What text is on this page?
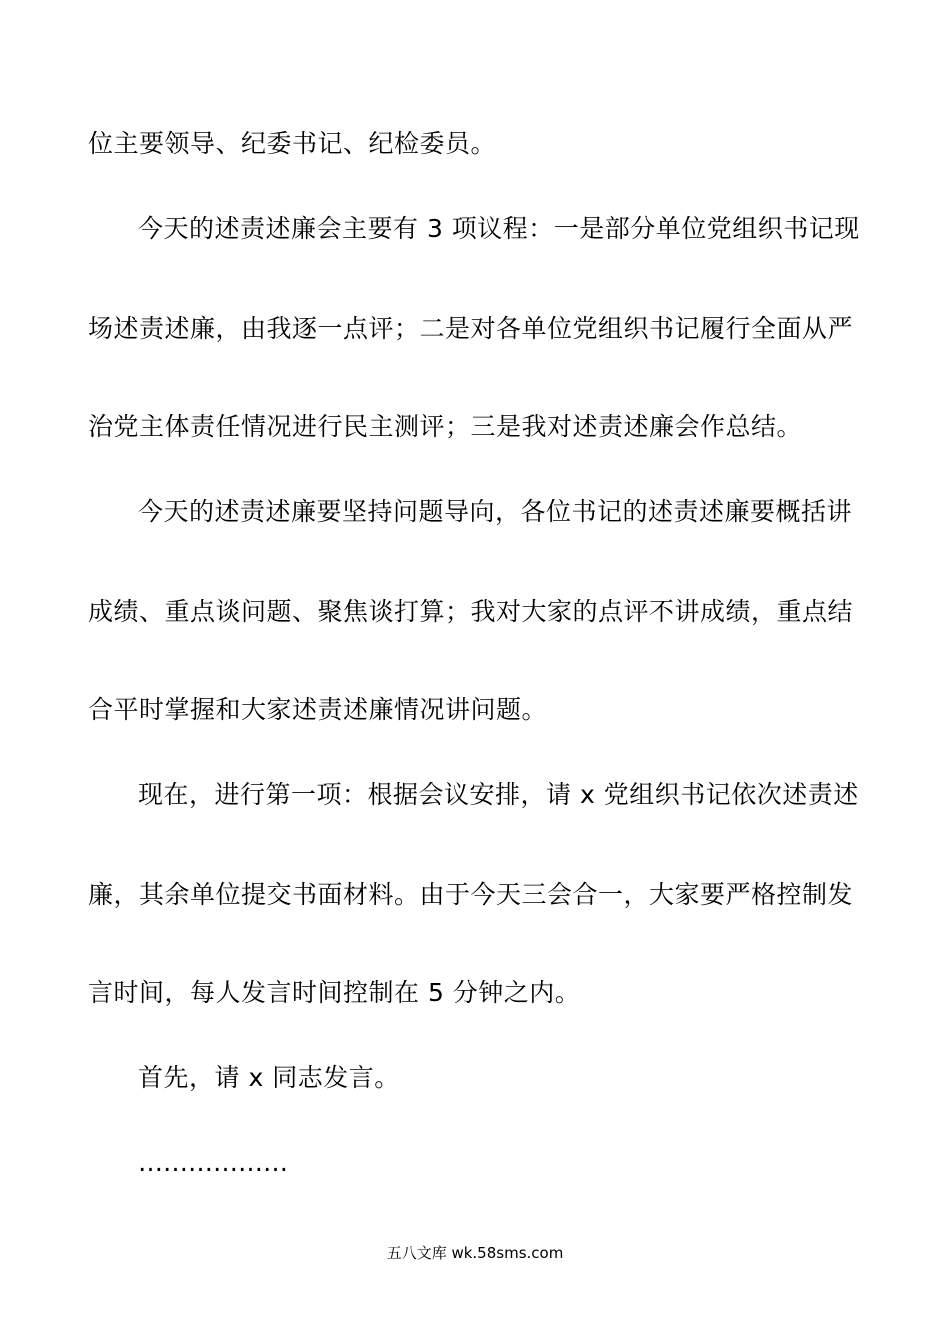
位主要领导、纪委书记、纪检委员。
今天的述责述廉会主要有 3 项议程：一是部分单位党组织书记现
场述责述廉，由我逐一点评；二是对各单位党组织书记履行全面从严
治党主体责任情况进行民主测评；三是我对述责述廉会作总结。
今天的述责述廉要坚持问题导向，各位书记的述责述廉要概括讲
成绩、重点谈问题、聚焦谈打算；我对大家的点评不讲成绩，重点结
合平时掌握和大家述责述廉情况讲问题。
现在，进行第一项：根据会议安排，请 x 党组织书记依次述责述
廉，其余单位提交书面材料。由于今天三会合一，大家要严格控制发
言时间，每人发言时间控制在 5 分钟之内。
首先，请 x 同志发言。
………………
五八文库 wk.58sms.com
